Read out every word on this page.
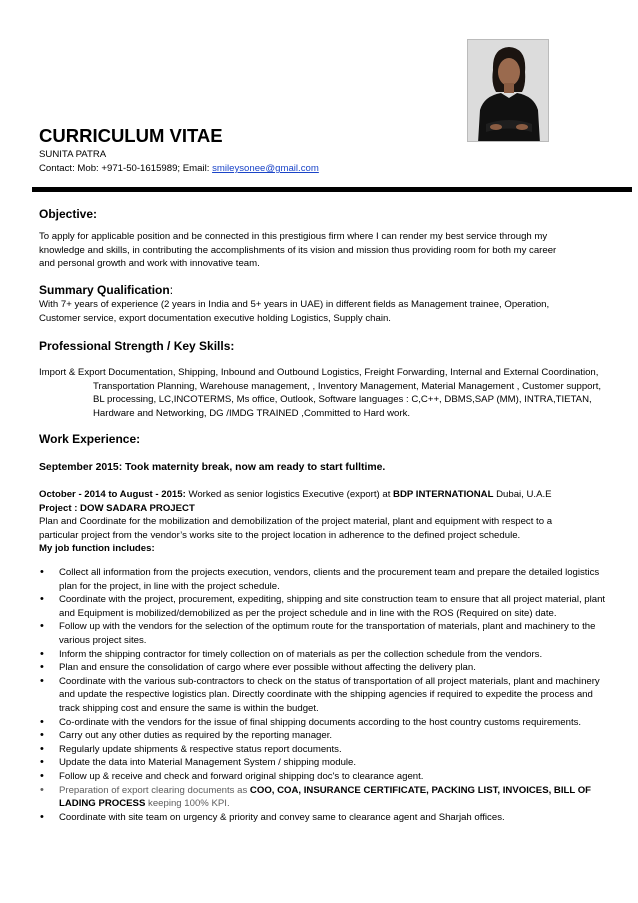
CURRICULUM VITAE
SUNITA PATRA
Contact: Mob: +971-50-1615989; Email: smileysonee@gmail.com
Objective:

To apply for applicable position and be connected in this prestigious firm where I can render my best service through my knowledge and skills, in contributing the accomplishments of its vision and mission thus providing room for both my career and personal growth and work with innovative team.

Summary Qualification:

With 7+ years of experience (2 years in India and 5+ years in UAE) in different fields as Management trainee, Operation, Customer service, export documentation executive holding Logistics, Supply chain.

Professional Strength / Key Skills:

Import & Export Documentation, Shipping, Inbound and Outbound Logistics, Freight Forwarding, Internal and External Coordination, Transportation Planning, Warehouse management, , Inventory Management, Material Management , Customer support, BL processing, LC,INCOTERMS, Ms office, Outlook, Software languages : C,C++, DBMS,SAP (MM), INTRA,TIETAN, Hardware and Networking, DG /IMDG TRAINED ,Committed to Hard work.

Work Experience:
September 2015: Took maternity break, now am ready to start fulltime.

October - 2014 to August - 2015: Worked as senior logistics Executive (export) at BDP INTERNATIONAL Dubai, U.A.E

Project : DOW SADARA PROJECT

Plan and Coordinate for the mobilization and demobilization of the project material, plant and equipment with respect to a particular project from the vendor’s works site to the project location in adherence to the defined project schedule.

My job function includes:
• Collect all information from the projects execution, vendors, clients and the procurement team and prepare the detailed logistics plan for the project, in line with the project schedule.
• Coordinate with the project, procurement, expediting, shipping and site construction team to ensure that all project material, plant and Equipment is mobilized/demobilized as per the project schedule and in line with the ROS (Required on site) date.
• Follow up with the vendors for the selection of the optimum route for the transportation of materials, plant and machinery to the various project sites.
• Inform the shipping contractor for timely collection on of materials as per the collection schedule from the vendors.
• Plan and ensure the consolidation of cargo where ever possible without affecting the delivery plan.
• Coordinate with the various sub-contractors to check on the status of transportation of all project materials, plant and machinery and update the respective logistics plan. Directly coordinate with the shipping agencies if required to expedite the process and track shipping cost and ensure the same is within the budget.
• Co-ordinate with the vendors for the issue of final shipping documents according to the host country customs requirements.
• Carry out any other duties as required by the reporting manager.
• Regularly update shipments & respective status report documents.
• Update the data into Material Management System / shipping module.
• Follow up & receive and check and forward original shipping doc's to clearance agent.
• Preparation of export clearing documents as COO, COA, INSURANCE CERTIFICATE, PACKING LIST, INVOICES, BILL OF LADING PROCESS keeping 100% KPI.
• Coordinate with site team on urgency & priority and convey same to clearance agent and Sharjah offices.
